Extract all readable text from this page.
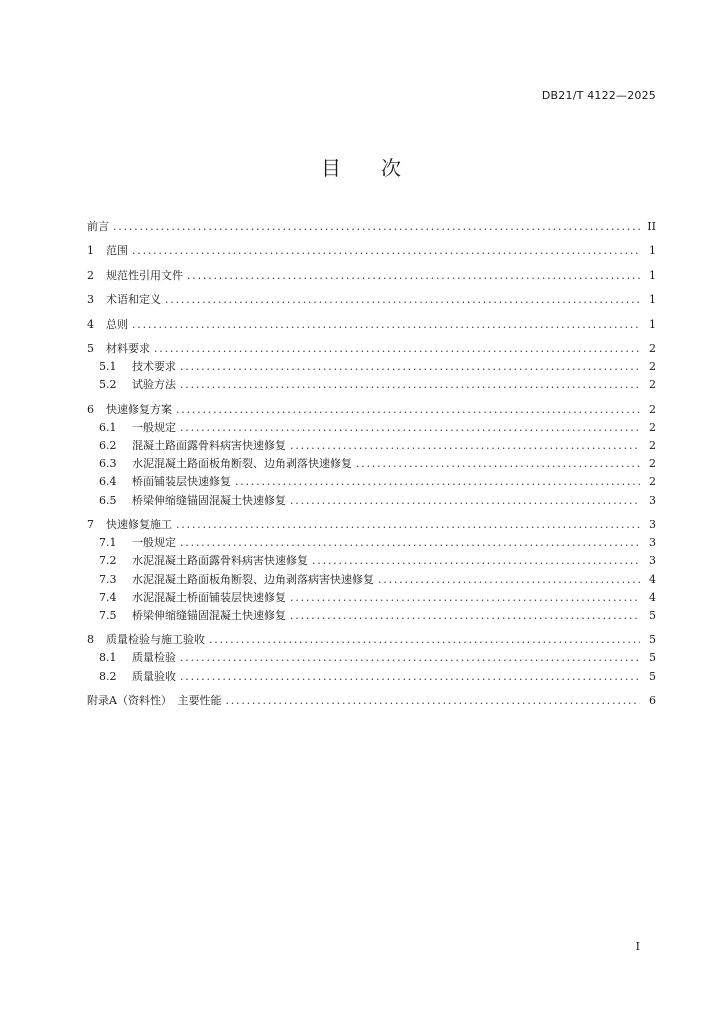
DB21/T 4122—2025
目 次
前言 .....	II
1	范围 .....	1
2	规范性引用文件 .....	1
3	术语和定义 .....	1
4	总则 .....	1
5	材料要求 .....	2
5.1	技术要求 .....	2
5.2	试验方法 .....	2
6	快速修复方案 .....	2
6.1	一般规定 .....	2
6.2	混凝土路面露骨料病害快速修复 .....	2
6.3	水泥混凝土路面板角断裂、边角剥落快速修复 .....	2
6.4	桥面铺装层快速修复 .....	2
6.5	桥梁伸缩缝锚固混凝土快速修复 .....	3
7	快速修复施工 .....	3
7.1	一般规定 .....	3
7.2	水泥混凝土路面露骨料病害快速修复 .....	3
7.3	水泥混凝土路面板角断裂、边角剥落病害快速修复 .....	4
7.4	水泥混凝土桥面铺装层快速修复 .....	4
7.5	桥梁伸缩缝锚固混凝土快速修复 .....	5
8	质量检验与施工验收 .....	5
8.1	质量检验 .....	5
8.2	质量验收 .....	5
附录A（资料性）　主要性能 .....	6
I
